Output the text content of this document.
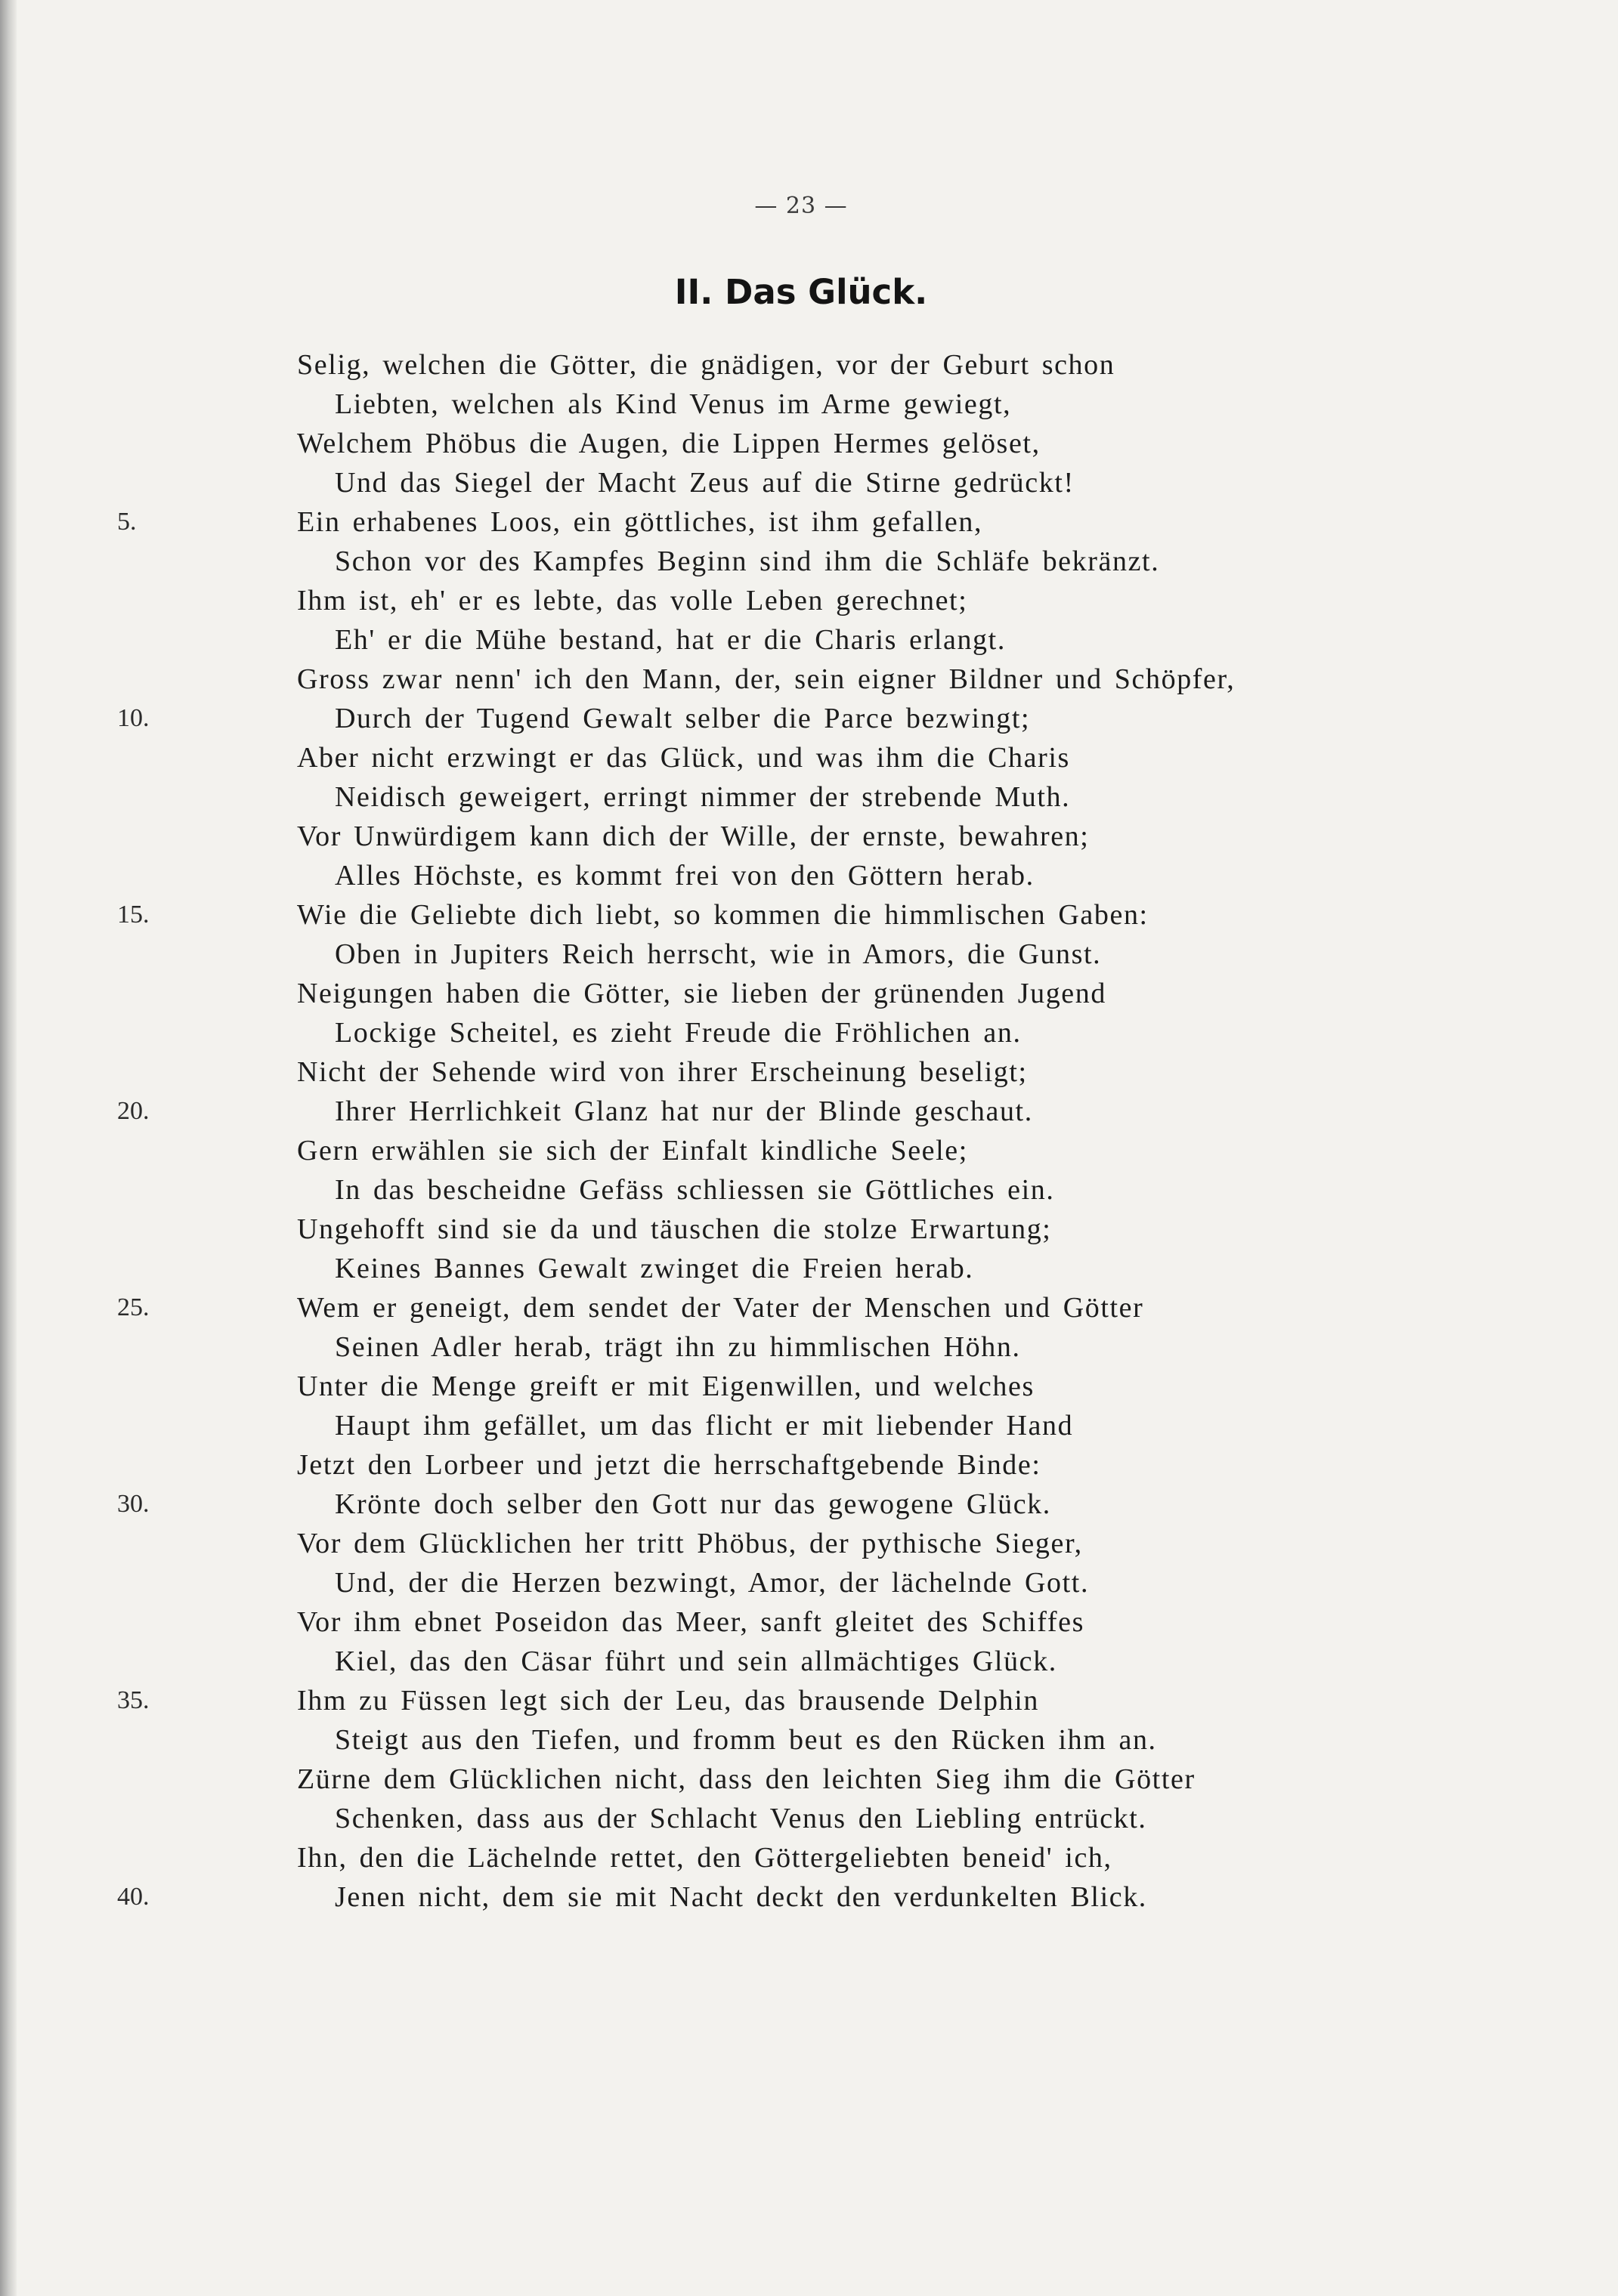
— 23 —
II. Das Glück.
Selig, welchen die Götter, die gnädigen, vor der Geburt schon
Liebten, welchen als Kind Venus im Arme gewiegt,
Welchem Phöbus die Augen, die Lippen Hermes gelöset,
Und das Siegel der Macht Zeus auf die Stirne gedrückt!
Ein erhabenes Loos, ein göttliches, ist ihm gefallen,
Schon vor des Kampfes Beginn sind ihm die Schläfe bekränzt.
Ihm ist, eh' er es lebte, das volle Leben gerechnet;
Eh' er die Mühe bestand, hat er die Charis erlangt.
Gross zwar nenn' ich den Mann, der, sein eigner Bildner und Schöpfer,
Durch der Tugend Gewalt selber die Parce bezwingt;
Aber nicht erzwingt er das Glück, und was ihm die Charis
Neidisch geweigert, erringt nimmer der strebende Muth.
Vor Unwürdigem kann dich der Wille, der ernste, bewahren;
Alles Höchste, es kommt frei von den Göttern herab.
Wie die Geliebte dich liebt, so kommen die himmlischen Gaben:
Oben in Jupiters Reich herrscht, wie in Amors, die Gunst.
Neigungen haben die Götter, sie lieben der grünenden Jugend
Lockige Scheitel, es zieht Freude die Fröhlichen an.
Nicht der Sehende wird von ihrer Erscheinung beseligt;
Ihrer Herrlichkeit Glanz hat nur der Blinde geschaut.
Gern erwählen sie sich der Einfalt kindliche Seele;
In das bescheidne Gefäss schliessen sie Göttliches ein.
Ungehofft sind sie da und täuschen die stolze Erwartung;
Keines Bannes Gewalt zwinget die Freien herab.
Wem er geneigt, dem sendet der Vater der Menschen und Götter
Seinen Adler herab, trägt ihn zu himmlischen Höhn.
Unter die Menge greift er mit Eigenwillen, und welches
Haupt ihm gefället, um das flicht er mit liebender Hand
Jetzt den Lorbeer und jetzt die herrschaftgebende Binde:
Krönte doch selber den Gott nur das gewogene Glück.
Vor dem Glücklichen her tritt Phöbus, der pythische Sieger,
Und, der die Herzen bezwingt, Amor, der lächelnde Gott.
Vor ihm ebnet Poseidon das Meer, sanft gleitet des Schiffes
Kiel, das den Cäsar führt und sein allmächtiges Glück.
Ihm zu Füssen legt sich der Leu, das brausende Delphin
Steigt aus den Tiefen, und fromm beut es den Rücken ihm an.
Zürne dem Glücklichen nicht, dass den leichten Sieg ihm die Götter
Schenken, dass aus der Schlacht Venus den Liebling entrückt.
Ihn, den die Lächelnde rettet, den Göttergeliebten beneid' ich,
Jenen nicht, dem sie mit Nacht deckt den verdunkelten Blick.
5.
10.
15.
20.
25.
30.
35.
40.
